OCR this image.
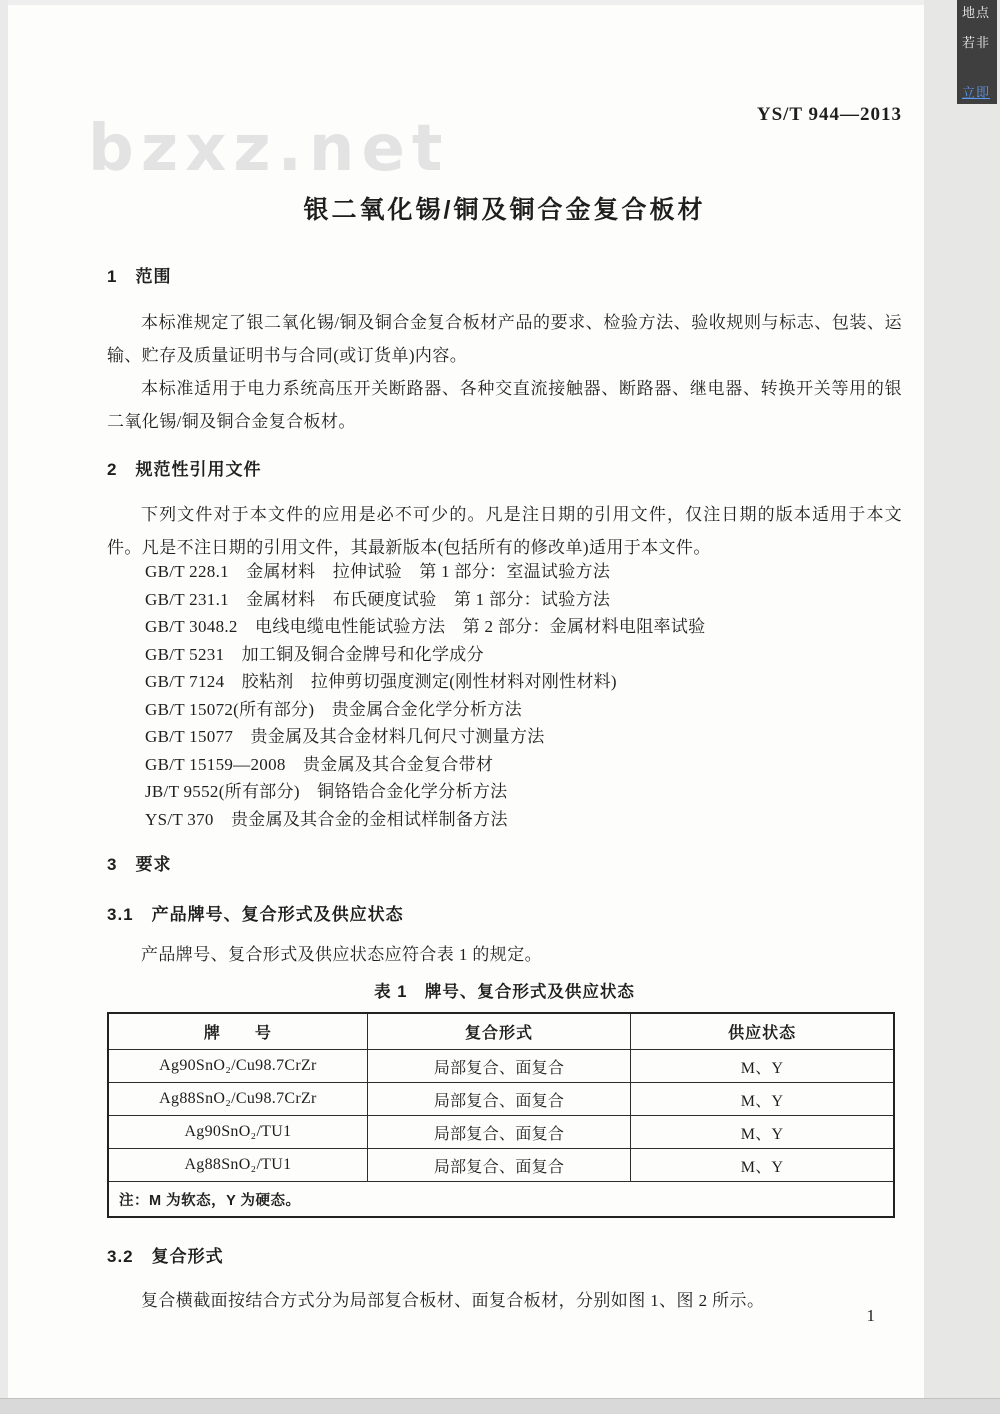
bzxz.net	YS/T 944—2013
银二氧化锡/铜及铜合金复合板材
1　范围

本标准规定了银二氧化锡/铜及铜合金复合板材产品的要求、检验方法、验收规则与标志、包装、运输、贮存及质量证明书与合同(或订货单)内容。

本标准适用于电力系统高压开关断路器、各种交直流接触器、断路器、继电器、转换开关等用的银二氧化锡/铜及铜合金复合板材。

2　规范性引用文件

下列文件对于本文件的应用是必不可少的。凡是注日期的引用文件，仅注日期的版本适用于本文件。凡是不注日期的引用文件，其最新版本(包括所有的修改单)适用于本文件。

GB/T 228.1　金属材料　拉伸试验　第 1 部分：室温试验方法
GB/T 231.1　金属材料　布氏硬度试验　第 1 部分：试验方法
GB/T 3048.2　电线电缆电性能试验方法　第 2 部分：金属材料电阻率试验
GB/T 5231　加工铜及铜合金牌号和化学成分
GB/T 7124　胶粘剂　拉伸剪切强度测定(刚性材料对刚性材料)
GB/T 15072(所有部分)　贵金属合金化学分析方法
GB/T 15077　贵金属及其合金材料几何尺寸测量方法
GB/T 15159—2008　贵金属及其合金复合带材
JB/T 9552(所有部分)　铜铬锆合金化学分析方法
YS/T 370　贵金属及其合金的金相试样制备方法
3　要求
3.1　产品牌号、复合形式及供应状态

产品牌号、复合形式及供应状态应符合表 1 的规定。

表 1　牌号、复合形式及供应状态
牌　　号	复合形式	供应状态
Ag90SnO₂/Cu98.7CrZr	局部复合、面复合	M、Y
Ag88SnO₂/Cu98.7CrZr	局部复合、面复合	M、Y
Ag90SnO₂/TU1	局部复合、面复合	M、Y
Ag88SnO₂/TU1	局部复合、面复合	M、Y
注：M 为软态，Y 为硬态。		
3.2　复合形式

复合横截面按结合方式分为局部复合板材、面复合板材，分别如图 1、图 2 所示。

1
地点
若非
立即
